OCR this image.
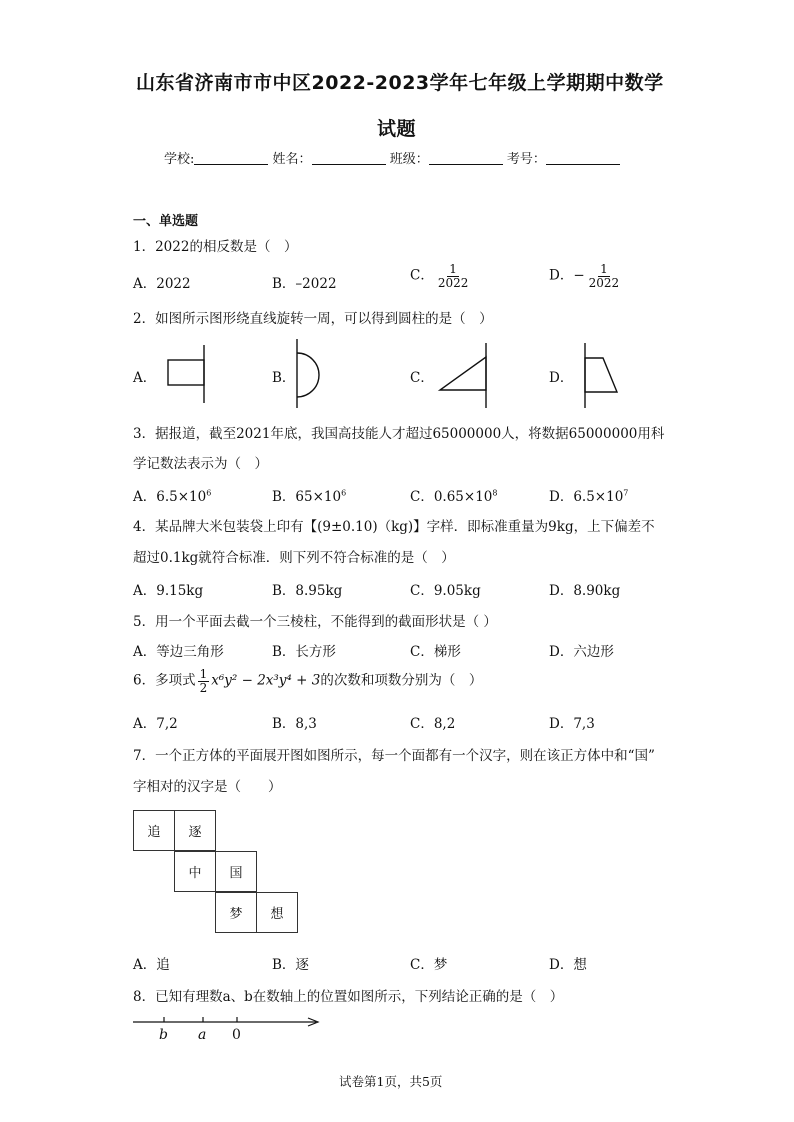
山东省济南市市中区2022-2023学年七年级上学期期中数学
试题
学校:	姓名：	班级：	考号：
一、单选题
1．2022的相反数是（　）
A．2022	B．–2022
C． $\frac{1}{2022}$	D．− $\frac{1}{2022}$
2．如图所示图形绕直线旋转一周，可以得到圆柱的是（　）
A．	B．	C．	D．
3．据报道，截至2021年底，我国高技能人才超过65000000人，将数据65000000用科
学记数法表示为（　）
A．$6.5\times 10^6$	B．$65\times 10^6$	C．$0.65\times 10^8$	D．$6.5\times 10^7$
4．某品牌大米包装袋上印有【(9±0.10)（kg)】字样．即标准重量为9kg，上下偏差不
超过0.1kg就符合标准．则下列不符合标准的是（　）
A．9.15kg	B．8.95kg	C．9.05kg	D．8.90kg
5．用一个平面去截一个三棱柱，不能得到的截面形状是（ ）
A．等边三角形	B．长方形	C．梯形	D．六边形
6．多项式 $\frac{1}{2} x^6y^2 - 2x^3y^4 + 3$的次数和项数分别为（　）
A．7,2	B．8,3	C．8,2	D．7,3
7．一个正方体的平面展开图如图所示，每一个面都有一个汉字，则在该正方体中和“国”
字相对的汉字是（　　）
追	逐
中	国
梦	想
A．追	B．逐	C．梦	D．想
8．已知有理数a、b在数轴上的位置如图所示，下列结论正确的是（　）
b a 0
试卷第1页，共5页
